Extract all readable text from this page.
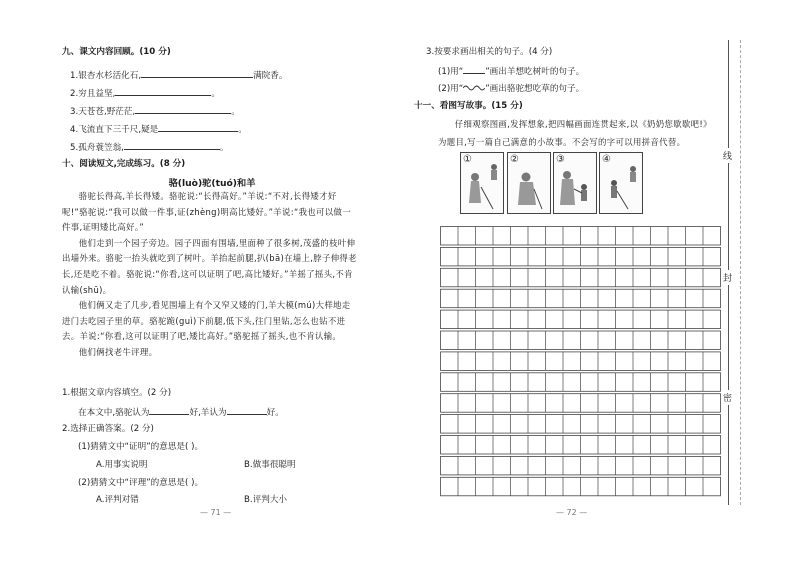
九、课文内容回顾。(10 分)
1.银杏水杉活化石,	满院香。
2.穷且益坚,	。
3.天苍苍,野茫茫,	。
4.飞流直下三千尺,疑是	。
5.孤舟蓑笠翁,	。
十、阅读短文,完成练习。(8 分)
骆(luò)驼(tuó)和羊

骆驼长得高,羊长得矮。骆驼说:“长得高好。”羊说:“不对,长得矮才好呢!”骆驼说:“我可以做一件事,证(zhèng)明高比矮好。”羊说:“我也可以做一件事,证明矮比高好。”

他们走到一个园子旁边。园子四面有围墙,里面种了很多树,茂盛的枝叶伸出墙外来。骆驼一抬头就吃到了树叶。羊抬起前腿,扒(bā)在墙上,脖子伸得老长,还是吃不着。骆驼说:“你看,这可以证明了吧,高比矮好。”羊摇了摇头,不肯认输(shū)。

他们俩又走了几步,看见围墙上有个又窄又矮的门,羊大模(mú)大样地走进门去吃园子里的草。骆驼跪(guì)下前腿,低下头,往门里钻,怎么也钻不进去。羊说:“你看,这可以证明了吧,矮比高好。”骆驼摇了摇头,也不肯认输。

他们俩找老牛评理。

1.根据文章内容填空。(2 分)
在本文中,骆驼认为	好,羊认为	好。
2.选择正确答案。(2 分)
(1)猜猜文中“证明”的意思是( )。
A.用事实说明	B.做事很聪明
(2)猜猜文中“评理”的意思是( )。
A.评判对错	B.评判大小
— 71 —
3.按要求画出相关的句子。(4 分)
(1)用“	”画出羊想吃树叶的句子。
(2)用“	”画出骆驼想吃草的句子。
十一、看图写故事。(15 分)

仔细观察图画,发挥想象,把四幅画面连贯起来,以《奶奶您歇歇吧!》为题目,写一篇自己满意的小故事。不会写的字可以用拼音代替。

①	②	③	④
— 72 —
线
封
密
